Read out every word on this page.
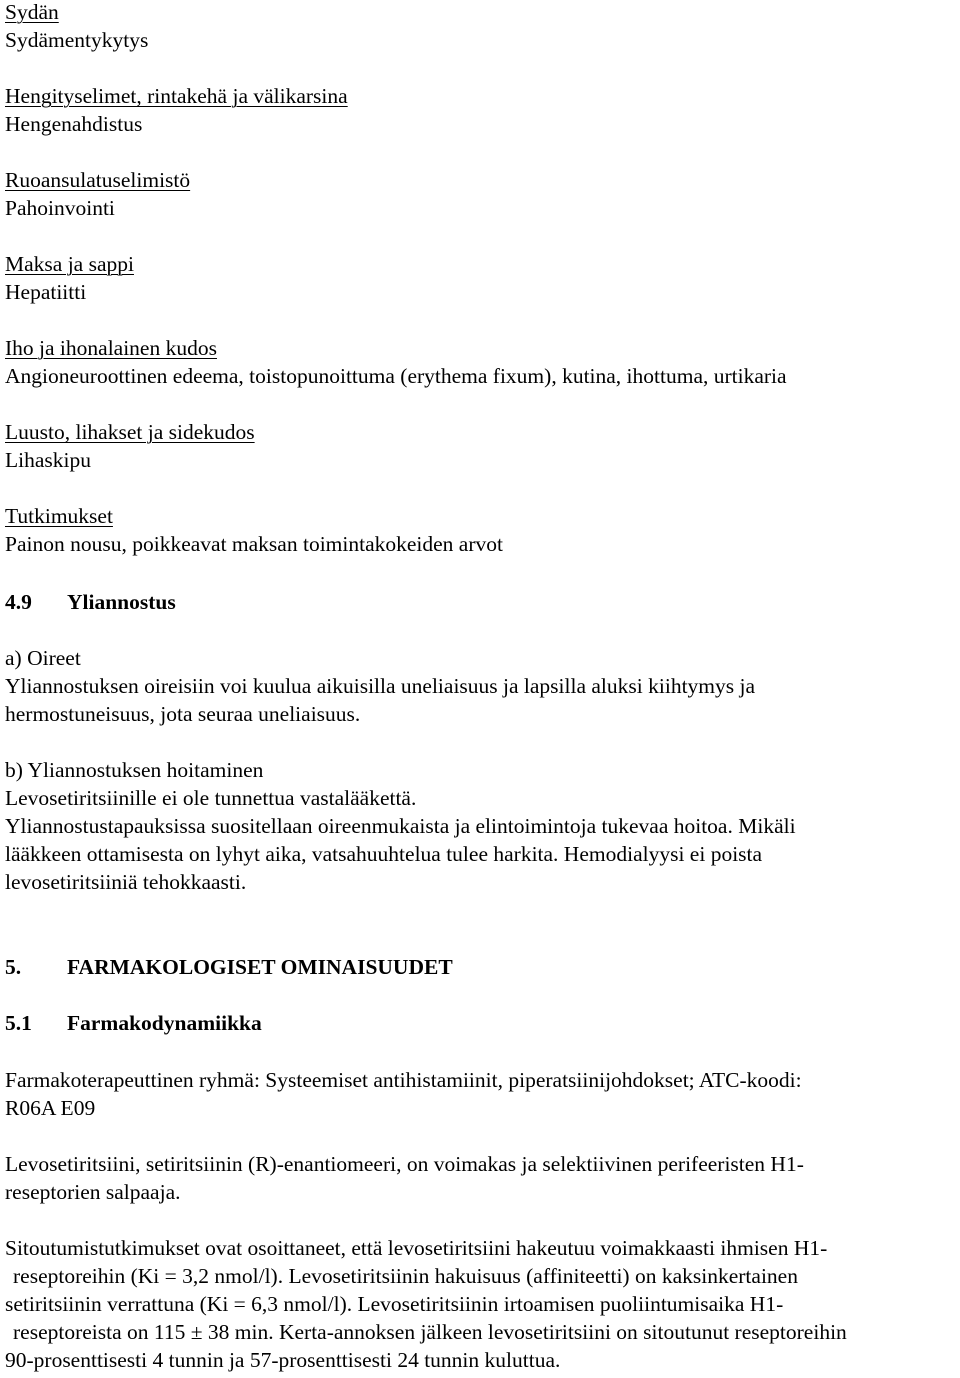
Sydän
Sydämentykytys
Hengityselimet, rintakehä ja välikarsina
Hengenahdistus
Ruoansulatuselimistö
Pahoinvointi
Maksa ja sappi
Hepatiitti
Iho ja ihonalainen kudos
Angioneuroottinen edeema, toistopunoittuma (erythema fixum), kutina, ihottuma, urtikaria
Luusto, lihakset ja sidekudos
Lihaskipu
Tutkimukset
Painon nousu, poikkeavat maksan toimintakokeiden arvot
4.9 Yliannostus
a) Oireet
Yliannostuksen oireisiin voi kuulua aikuisilla uneliaisuus ja lapsilla aluksi kiihtymys ja
hermostuneisuus, jota seuraa uneliaisuus.
b) Yliannostuksen hoitaminen
Levosetiritsiinille ei ole tunnettua vastalääkettä.
Yliannostustapauksissa suositellaan oireenmukaista ja elintoimintoja tukevaa hoitoa. Mikäli
lääkkeen ottamisesta on lyhyt aika, vatsahuuhtelua tulee harkita. Hemodialyysi ei poista
levosetiritsiiniä tehokkaasti.
5. FARMAKOLOGISET OMINAISUUDET
5.1 Farmakodynamiikka
Farmakoterapeuttinen ryhmä: Systeemiset antihistamiinit, piperatsiinijohdokset; ATC-koodi:
R06A E09
Levosetiritsiini, setiritsiinin (R)-enantiomeeri, on voimakas ja selektiivinen perifeeristen H1-
reseptorien salpaaja.
Sitoutumistutkimukset ovat osoittaneet, että levosetiritsiini hakeutuu voimakkaasti ihmisen H1-
reseptoreihin (Ki = 3,2 nmol/l). Levosetiritsiinin hakuisuus (affiniteetti) on kaksinkertainen
setiritsiinin verrattuna (Ki = 6,3 nmol/l). Levosetiritsiinin irtoamisen puoliintumisaika H1-
reseptoreista on 115 ± 38 min. Kerta-annoksen jälkeen levosetiritsiini on sitoutunut reseptoreihin
90-prosenttisesti 4 tunnin ja 57-prosenttisesti 24 tunnin kuluttua.
